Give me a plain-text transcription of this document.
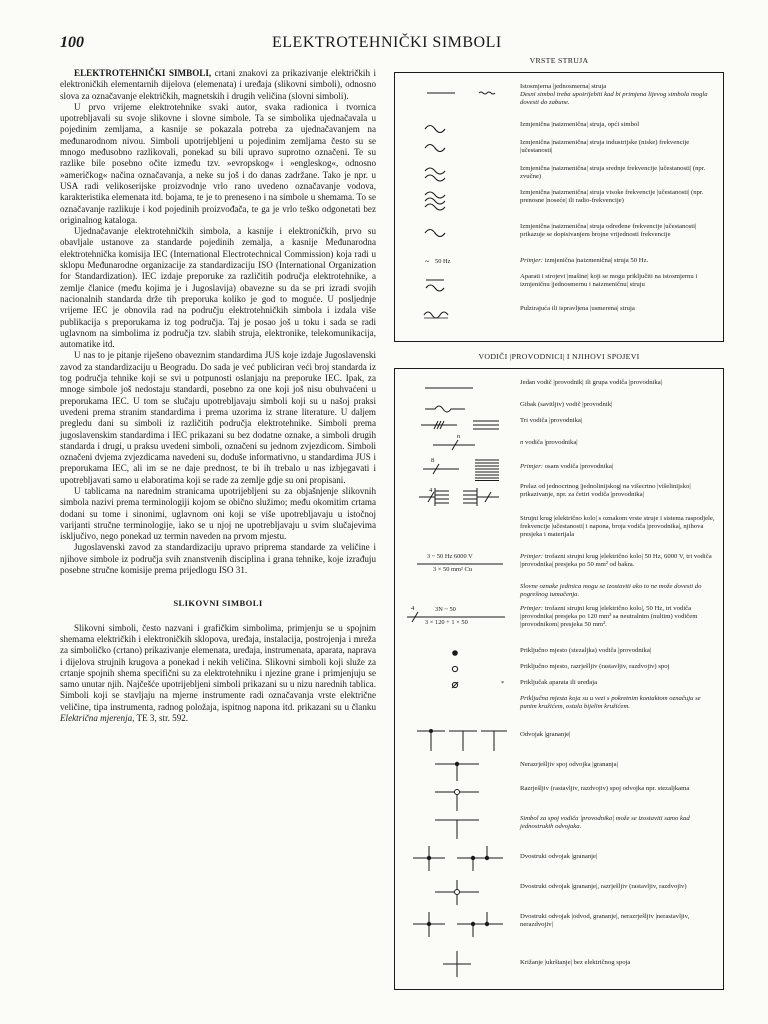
100	ELEKTROTEHNIČKI SIMBOLI

ELEKTROTEHNIČKI SIMBOLI, crtani znakovi za prikazivanje električkih i elektroničkih elementarnih dijelova (elemenata) i uređaja (slikovni simboli), odnosno slova za označavanje električkih, magnetskih i drugih veličina (slovni simboli).

U prvo vrijeme elektrotehnike svaki autor, svaka radionica i tvornica upotrebljavali su svoje slikovne i slovne simbole. Ta se simbolika ujednačavala u pojedinim zemljama, a kasnije se pokazala potreba za ujednačavanjem na međunarodnom nivou. Simboli upotrijebljeni u pojedinim zemljama često su se mnogo međusobno razlikovali, ponekad su bili upravo suprotno označeni. Te su razlike bile posebno očite između tzv. »evropskog« i »engleskog«, odnosno »američkog« načina označavanja, a neke su još i do danas zadržane. Tako je npr. u USA radi velikoserijske proizvodnje vrlo rano uvedeno označavanje vodova, karakteristika elemenata itd. bojama, te je to preneseno i na simbole u shemama. To se označavanje razlikuje i kod pojedinih proizvođača, te ga je vrlo teško odgonetati bez originalnog kataloga.

Ujednačavanje elektrotehničkih simbola, a kasnije i elektroničkih, prvo su obavljale ustanove za standarde pojedinih zemalja, a kasnije Međunarodna elektrotehnička komisija IEC (International Electrotechnical Commission) koja radi u sklopu Međunarodne organizacije za standardizaciju ISO (International Organization for Standardization). IEC izdaje preporuke za različitih područja elektrotehnike, a zemlje članice (među kojima je i Jugoslavija) obavezne su da se pri izradi svojih nacionalnih standarda drže tih preporuka koliko je god to moguće. U posljednje vrijeme IEC je obnovila rad na području elektrotehničkih simbola i izdala više publikacija s preporukama iz tog područja. Taj je posao još u toku i sada se radi uglavnom na simbolima iz područja tzv. slabih struja, elektronike, telekomunikacija, automatike itd.

U nas to je pitanje riješeno obaveznim standardima JUS koje izdaje Jugoslavenski zavod za standardizaciju u Beogradu. Do sada je već publiciran veći broj standarda iz tog područja tehnike koji se svi u potpunosti oslanjaju na preporuke IEC. Ipak, za mnoge simbole još nedostaju standardi, posebno za one koji još nisu obuhvaćeni u preporukama IEC. U tom se slučaju upotrebljavaju simboli koji su u našoj praksi uvedeni prema stranim standardima i prema uzorima iz strane literature. U daljem pregledu dani su simboli iz različitih područja elektrotehnike. Simboli prema jugoslavenskim standardima i IEC prikazani su bez dodatne oznake, a simboli drugih standarda i drugi, u praksu uvedeni simboli, označeni su jednom zvjezdicom. Simboli označeni dvjema zvjezdicama navedeni su, doduše informativno, u standardima JUS i preporukama IEC, ali im se ne daje prednost, te bi ih trebalo u nas izbjegavati i upotrebljavati samo u elaboratima koji se rade za zemlje gdje su oni propisani.

U tablicama na narednim stranicama upotrijebljeni su za objašnjenje slikovnih simbola nazivi prema terminologiji kojom se obično služimo; među okomitim crtama dodani su tome i sinonimi, uglavnom oni koji se više upotrebljavaju u istočnoj varijanti stručne terminologije, iako se u njoj ne upotrebljavaju u svim slučajevima isključivo, nego ponekad uz termin naveden na prvom mjestu.

Jugoslavenski zavod za standardizaciju upravo priprema standarde za veličine i njihove simbole iz područja svih znanstvenih disciplina i grana tehnike, koje izrađuju posebne stručne komisije prema prijedlogu ISO 31.

SLIKOVNI SIMBOLI

Slikovni simboli, često nazvani i grafičkim simbolima, primjenju se u spojnim shemama električkih i elektroničkih sklopova, uređaja, instalacija, postrojenja i mreža za simboličko (crtano) prikazivanje elemenata, uređaja, instrumenata, aparata, naprava i dijelova strujnih krugova a ponekad i nekih veličina. Slikovni simboli koji služe za crtanje spojnih shema specifični su za elektrotehniku i njezine grane i primjenjuju se samo unutar njih. Najčešće upotrijebljeni simboli prikazani su u nizu narednih tablica. Simboli koji se stavljaju na mjerne instrumente radi označavanja vrste električne veličine, tipa instrumenta, radnog položaja, ispitnog napona itd. prikazani su u članku Električna mjerenja, TE 3, str. 592.

VRSTE STRUJA
Istosmjerna |jednosmerna| struja
Desni simbol treba upotrijebiti kad bi primjena lijevog simbola mogla dovesti do zabune.
Izmjenična |naizmenična| struja, opći simbol
Izmjenična |naizmenična| struja industrijske (niske) frekvencije |učestanosti|
Izmjenična |naizmenična| struja srednje frekvencije |učestanosti| (npr. zvučne)
Izmjenična |naizmenična| struja visoke frekvencije |učestanosti| (npr. prenosne |noseće| ili radio-frekvencije)
Izmjenična |naizmenična| struja određene frekvencije |učestanosti| prikazuje se dopisivanjem brojne vrijednosti frekvencije
~ 50 Hz	Primjer: izmjenična |naizmenična| struja 50 Hz.
Aparati i strojevi |mašine| koji se mogu priključiti na istosmjernu i izmjeničnu |jednosmernu i naizmeničnu| struju
Pulzirajuća ili ispravljena |usmerena| struja
VODIČI |PROVODNICI| I NJIHOVI SPOJEVI
Jedan vodič |provodnik| ili grupa vodiča |provodnika|
Gibak (savitljiv) vodič |provodnik|
Tri vodiča |provodnika|
n
n vodiča |provodnika|
8
Primjer: osam vodiča |provodnika|
4
Prelaz od jednocrtnog |jednolinijskog| na višecrtno |višelinijsko| prikazivanje, npr. za četiri vodiča |provodnika|
Strujni krug |električno kolo| s oznakom vrste struje i sistema raspodjele, frekvencije |učestanosti| i napona, broja vodiča |provodnika|, njihova presjeka i materijala
3 ~ 50 Hz 6000 V
3 × 50 mm² Cu
Primjer: trofazni strujni krug |električno kolo| 50 Hz, 6000 V, tri vodiča |provodnika| presjeka po 50 mm² od bakra.
Slovne oznake jedinica mogu se izostaviti ako to ne može dovesti do pogrešnog tumačenja.
4	3N ~ 50
3 × 120 + 1 × 50
Primjer: trofazni strujni krug |električno kolo|, 50 Hz, tri vodiča |provodnika| presjeka po 120 mm² sa neutralnim (nultim) vodičem |provodnikom| presjeka 50 mm².
Priključno mjesto (stezaljka) vodiča |provodnika|
Priključno mjesto, razrješljiv (rastavljiv, razdvojiv) spoj
* Priključak aparata ili uređaja
Priključna mjesta koja su u vezi s pokretnim kontaktom označuju se punim kružićem, ostala bijelim kružićem.
Odvojak |grananje|
Nerazrješljiv spoj odvojka |grananja|
Razrješljiv (rastavljiv, razdvojiv) spoj odvojka npr. stezaljkama
Simbol za spoj vodiča |provodnika| može se izostaviti samo kad jednostrukih odvojaka.
Dvostruki odvojak |grananje|
Dvostruki odvojak |grananje|, razrješljiv (rastavljiv, razdvojiv)
Dvostruki odvojak |odvod, grananje|, nerazrješljiv |nerastavljiv, nerazdvojiv|
Križanje |ukrštanje| bez električnog spoja
